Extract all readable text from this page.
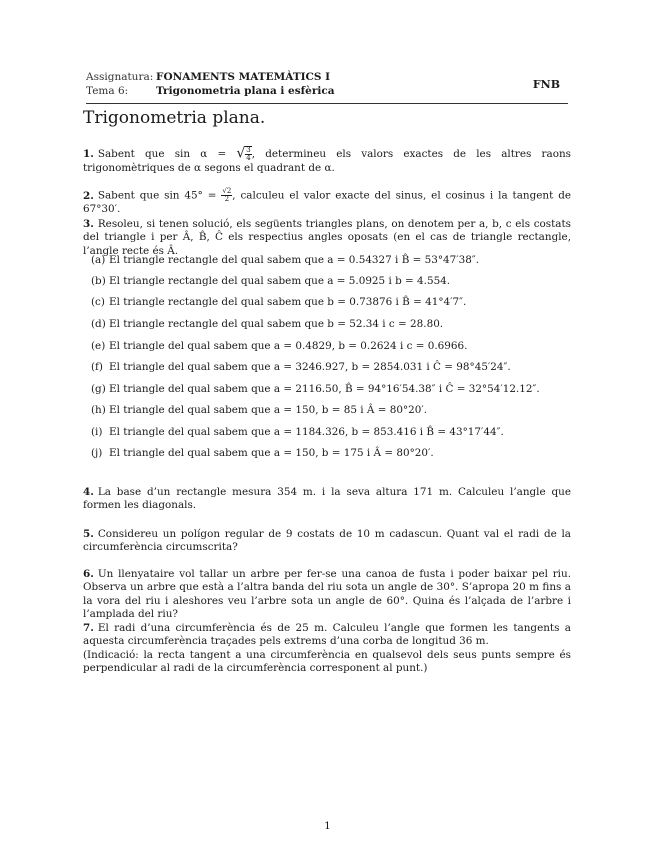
Assignatura: FONAMENTS MATEMÀTICS I
Tema 6:	Trigonometria plana i esfèrica	FNB
Trigonometria plana.
1. Sabent que sin α = √ $\frac{3}{4}$, determineu els valors exactes de les altres raons trigonomètriques de α segons el quadrant de α.
2. Sabent que $\sin 45^\circ = \frac{√2}{2}$, calculeu el valor exacte del sinus, el cosinus i la tangent de 67°30′.
3. Resoleu, si tenen solució, els següents triangles plans, on denotem per a, b, c els costats del triangle i per Â, B̂, Ĉ els respectius angles oposats (en el cas de triangle rectangle, l’angle recte és Â.
(a) El triangle rectangle del qual sabem que a = 0.54327 i B̂ = 53°47′38″.
(b) El triangle rectangle del qual sabem que a = 5.0925 i b = 4.554.
(c) El triangle rectangle del qual sabem que b = 0.73876 i B̂ = 41°4′7″.
(d) El triangle rectangle del qual sabem que b = 52.34 i c = 28.80.
(e) El triangle del qual sabem que a = 0.4829, b = 0.2624 i c = 0.6966.
(f) El triangle del qual sabem que a = 3246.927, b = 2854.031 i Ĉ = 98°45′24″.
(g) El triangle del qual sabem que a = 2116.50, B̂ = 94°16′54.38″ i Ĉ = 32°54′12.12″.
(h) El triangle del qual sabem que a = 150, b = 85 i Â = 80°20′.
(i) El triangle del qual sabem que a = 1184.326, b = 853.416 i B̂ = 43°17′44″.
(j) El triangle del qual sabem que a = 150, b = 175 i Â = 80°20′.
4. La base d’un rectangle mesura 354 m. i la seva altura 171 m. Calculeu l’angle que formen les diagonals.
5. Considereu un polígon regular de 9 costats de 10 m cadascun. Quant val el radi de la circumferència circumscrita?
6. Un llenyataire vol tallar un arbre per fer-se una canoa de fusta i poder baixar pel riu. Observa un arbre que està a l’altra banda del riu sota un angle de 30°. S’apropa 20 m fins a la vora del riu i aleshores veu l’arbre sota un angle de 60°. Quina és l’alçada de l’arbre i l’amplada del riu?
7. El radi d’una circumferència és de 25 m. Calculeu l’angle que formen les tangents a aquesta circumferència traçades pels extrems d’una corba de longitud 36 m.
(Indicació: la recta tangent a una circumferència en qualsevol dels seus punts sempre és perpendicular al radi de la circumferència corresponent al punt.)
1
